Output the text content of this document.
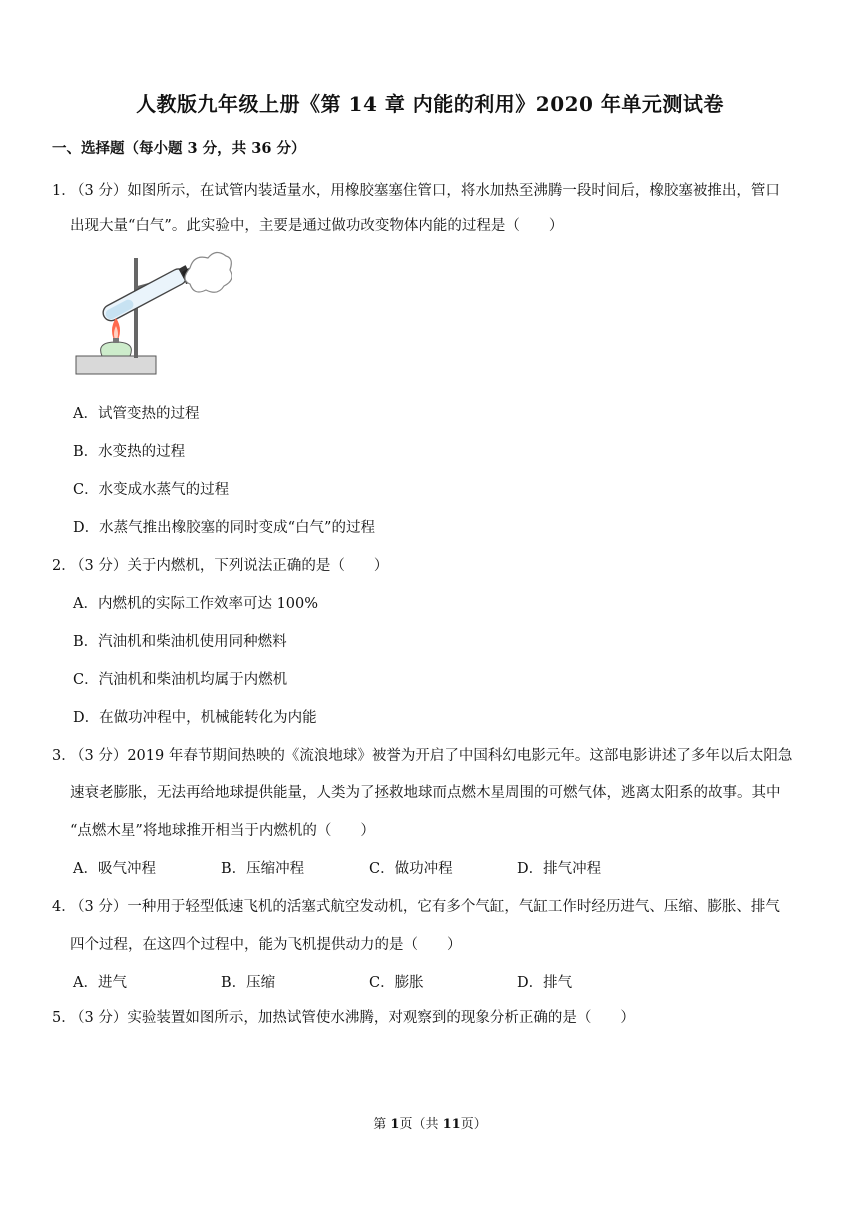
人教版九年级上册《第 14 章 内能的利用》2020 年单元测试卷
一、选择题（每小题 3 分，共 36 分）
1．
（3 分）如图所示，在试管内装适量水，用橡胶塞塞住管口，将水加热至沸腾一段时间后，橡胶塞被推出，管口
出现大量“白气”。此实验中，主要是通过做功改变物体内能的过程是（　　）
A．试管变热的过程
B．水变热的过程
C．水变成水蒸气的过程
D．水蒸气推出橡胶塞的同时变成“白气”的过程
2．
（3 分）关于内燃机，下列说法正确的是（　　）
A．内燃机的实际工作效率可达 100%
B．汽油机和柴油机使用同种燃料
C．汽油机和柴油机均属于内燃机
D．在做功冲程中，机械能转化为内能
3．
（3 分）2019 年春节期间热映的《流浪地球》被誉为开启了中国科幻电影元年。这部电影讲述了多年以后太阳急
速衰老膨胀，无法再给地球提供能量，人类为了拯救地球而点燃木星周围的可燃气体，逃离太阳系的故事。其中
“点燃木星”将地球推开相当于内燃机的（　　）
A．吸气冲程	B．压缩冲程	C．做功冲程	D．排气冲程
4．
（3 分）一种用于轻型低速飞机的活塞式航空发动机，它有多个气缸，气缸工作时经历进气、压缩、膨胀、排气
四个过程，在这四个过程中，能为飞机提供动力的是（　　）
A．进气	B．压缩	C．膨胀	D．排气
5．
（3 分）实验装置如图所示，加热试管使水沸腾，对观察到的现象分析正确的是（　　）
第 1页（共 11页）
